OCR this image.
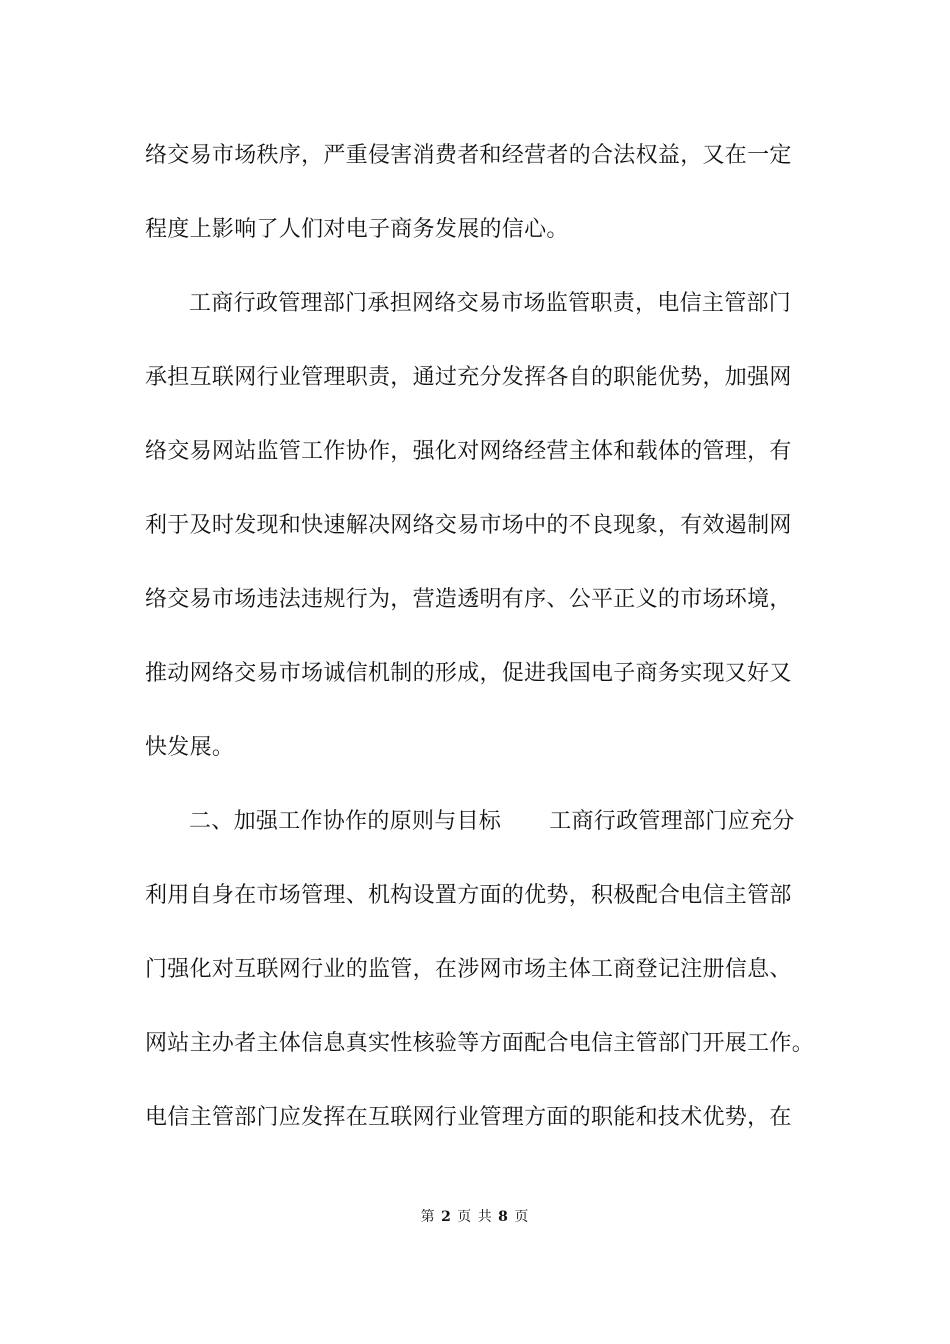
络交易市场秩序，严重侵害消费者和经营者的合法权益，又在一定
程度上影响了人们对电子商务发展的信心。
工商行政管理部门承担网络交易市场监管职责，电信主管部门
承担互联网行业管理职责，通过充分发挥各自的职能优势，加强网
络交易网站监管工作协作，强化对网络经营主体和载体的管理，有
利于及时发现和快速解决网络交易市场中的不良现象，有效遏制网
络交易市场违法违规行为，营造透明有序、公平正义的市场环境，
推动网络交易市场诚信机制的形成，促进我国电子商务实现又好又
快发展。
二、加强工作协作的原则与目标 工商行政管理部门应充分
利用自身在市场管理、机构设置方面的优势，积极配合电信主管部
门强化对互联网行业的监管，在涉网市场主体工商登记注册信息、
网站主办者主体信息真实性核验等方面配合电信主管部门开展工作。
电信主管部门应发挥在互联网行业管理方面的职能和技术优势，在
第 2 页 共 8 页
